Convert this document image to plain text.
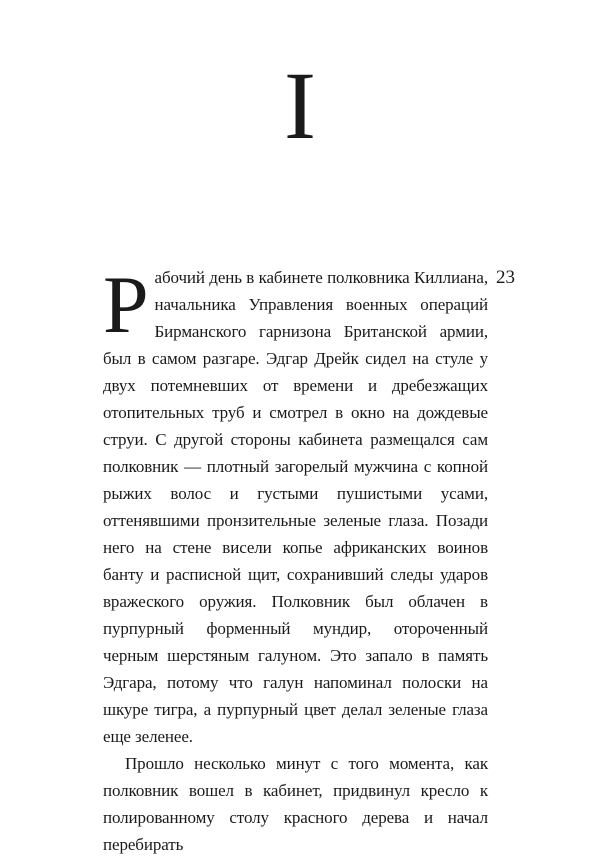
I
23

Рабочий день в кабинете полковника Киллиана, начальника Управления военных операций Бирманского гарнизона Британской армии, был в самом разгаре. Эдгар Дрейк сидел на стуле у двух потемневших от времени и дребезжащих отопительных труб и смотрел в окно на дождевые струи. С другой стороны кабинета размещался сам полковник — плотный загорелый мужчина с копной рыжих волос и густыми пушистыми усами, оттенявшими пронзительные зеленые глаза. Позади него на стене висели копье африканских воинов банту и расписной щит, сохранивший следы ударов вражеского оружия. Полковник был облачен в пурпурный форменный мундир, отороченный черным шерстяным галуном. Это запало в память Эдгара, потому что галун напоминал полоски на шкуре тигра, а пурпурный цвет делал зеленые глаза еще зеленее.

Прошло несколько минут с того момента, как полковник вошел в кабинет, придвинул кресло к полированному столу красного дерева и начал перебирать
